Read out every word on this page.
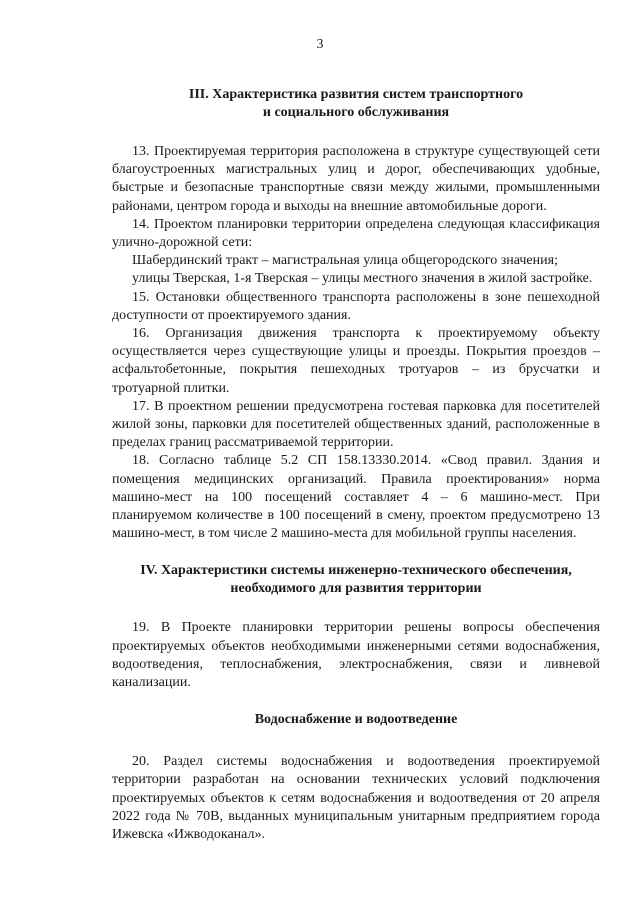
3
III. Характеристика развития систем транспортного
и социального обслуживания

13. Проектируемая территория расположена в структуре существующей сети благоустроенных магистральных улиц и дорог, обеспечивающих удобные, быстрые и безопасные транспортные связи между жилыми, промышленными районами, центром города и выходы на внешние автомобильные дороги.

14. Проектом планировки территории определена следующая классификация улично-дорожной сети:

Шабердинский тракт – магистральная улица общегородского значения;

улицы Тверская, 1-я Тверская – улицы местного значения в жилой застройке.

15. Остановки общественного транспорта расположены в зоне пешеходной доступности от проектируемого здания.

16. Организация движения транспорта к проектируемому объекту осуществляется через существующие улицы и проезды. Покрытия проездов – асфальтобетонные, покрытия пешеходных тротуаров – из брусчатки и тротуарной плитки.

17. В проектном решении предусмотрена гостевая парковка для посетителей жилой зоны, парковки для посетителей общественных зданий, расположенные в пределах границ рассматриваемой территории.

18. Согласно таблице 5.2 СП 158.13330.2014. «Свод правил. Здания и помещения медицинских организаций. Правила проектирования» норма машино-мест на 100 посещений составляет 4 – 6 машино-мест. При планируемом количестве в 100 посещений в смену, проектом предусмотрено 13 машино-мест, в том числе 2 машино-места для мобильной группы населения.

IV. Характеристики системы инженерно-технического обеспечения,
необходимого для развития территории

19. В Проекте планировки территории решены вопросы обеспечения проектируемых объектов необходимыми инженерными сетями водоснабжения, водоотведения, теплоснабжения, электроснабжения, связи и ливневой канализации.

Водоснабжение и водоотведение

20. Раздел системы водоснабжения и водоотведения проектируемой территории разработан на основании технических условий подключения проектируемых объектов к сетям водоснабжения и водоотведения от 20 апреля 2022 года № 70В, выданных муниципальным унитарным предприятием города Ижевска «Ижводоканал».
